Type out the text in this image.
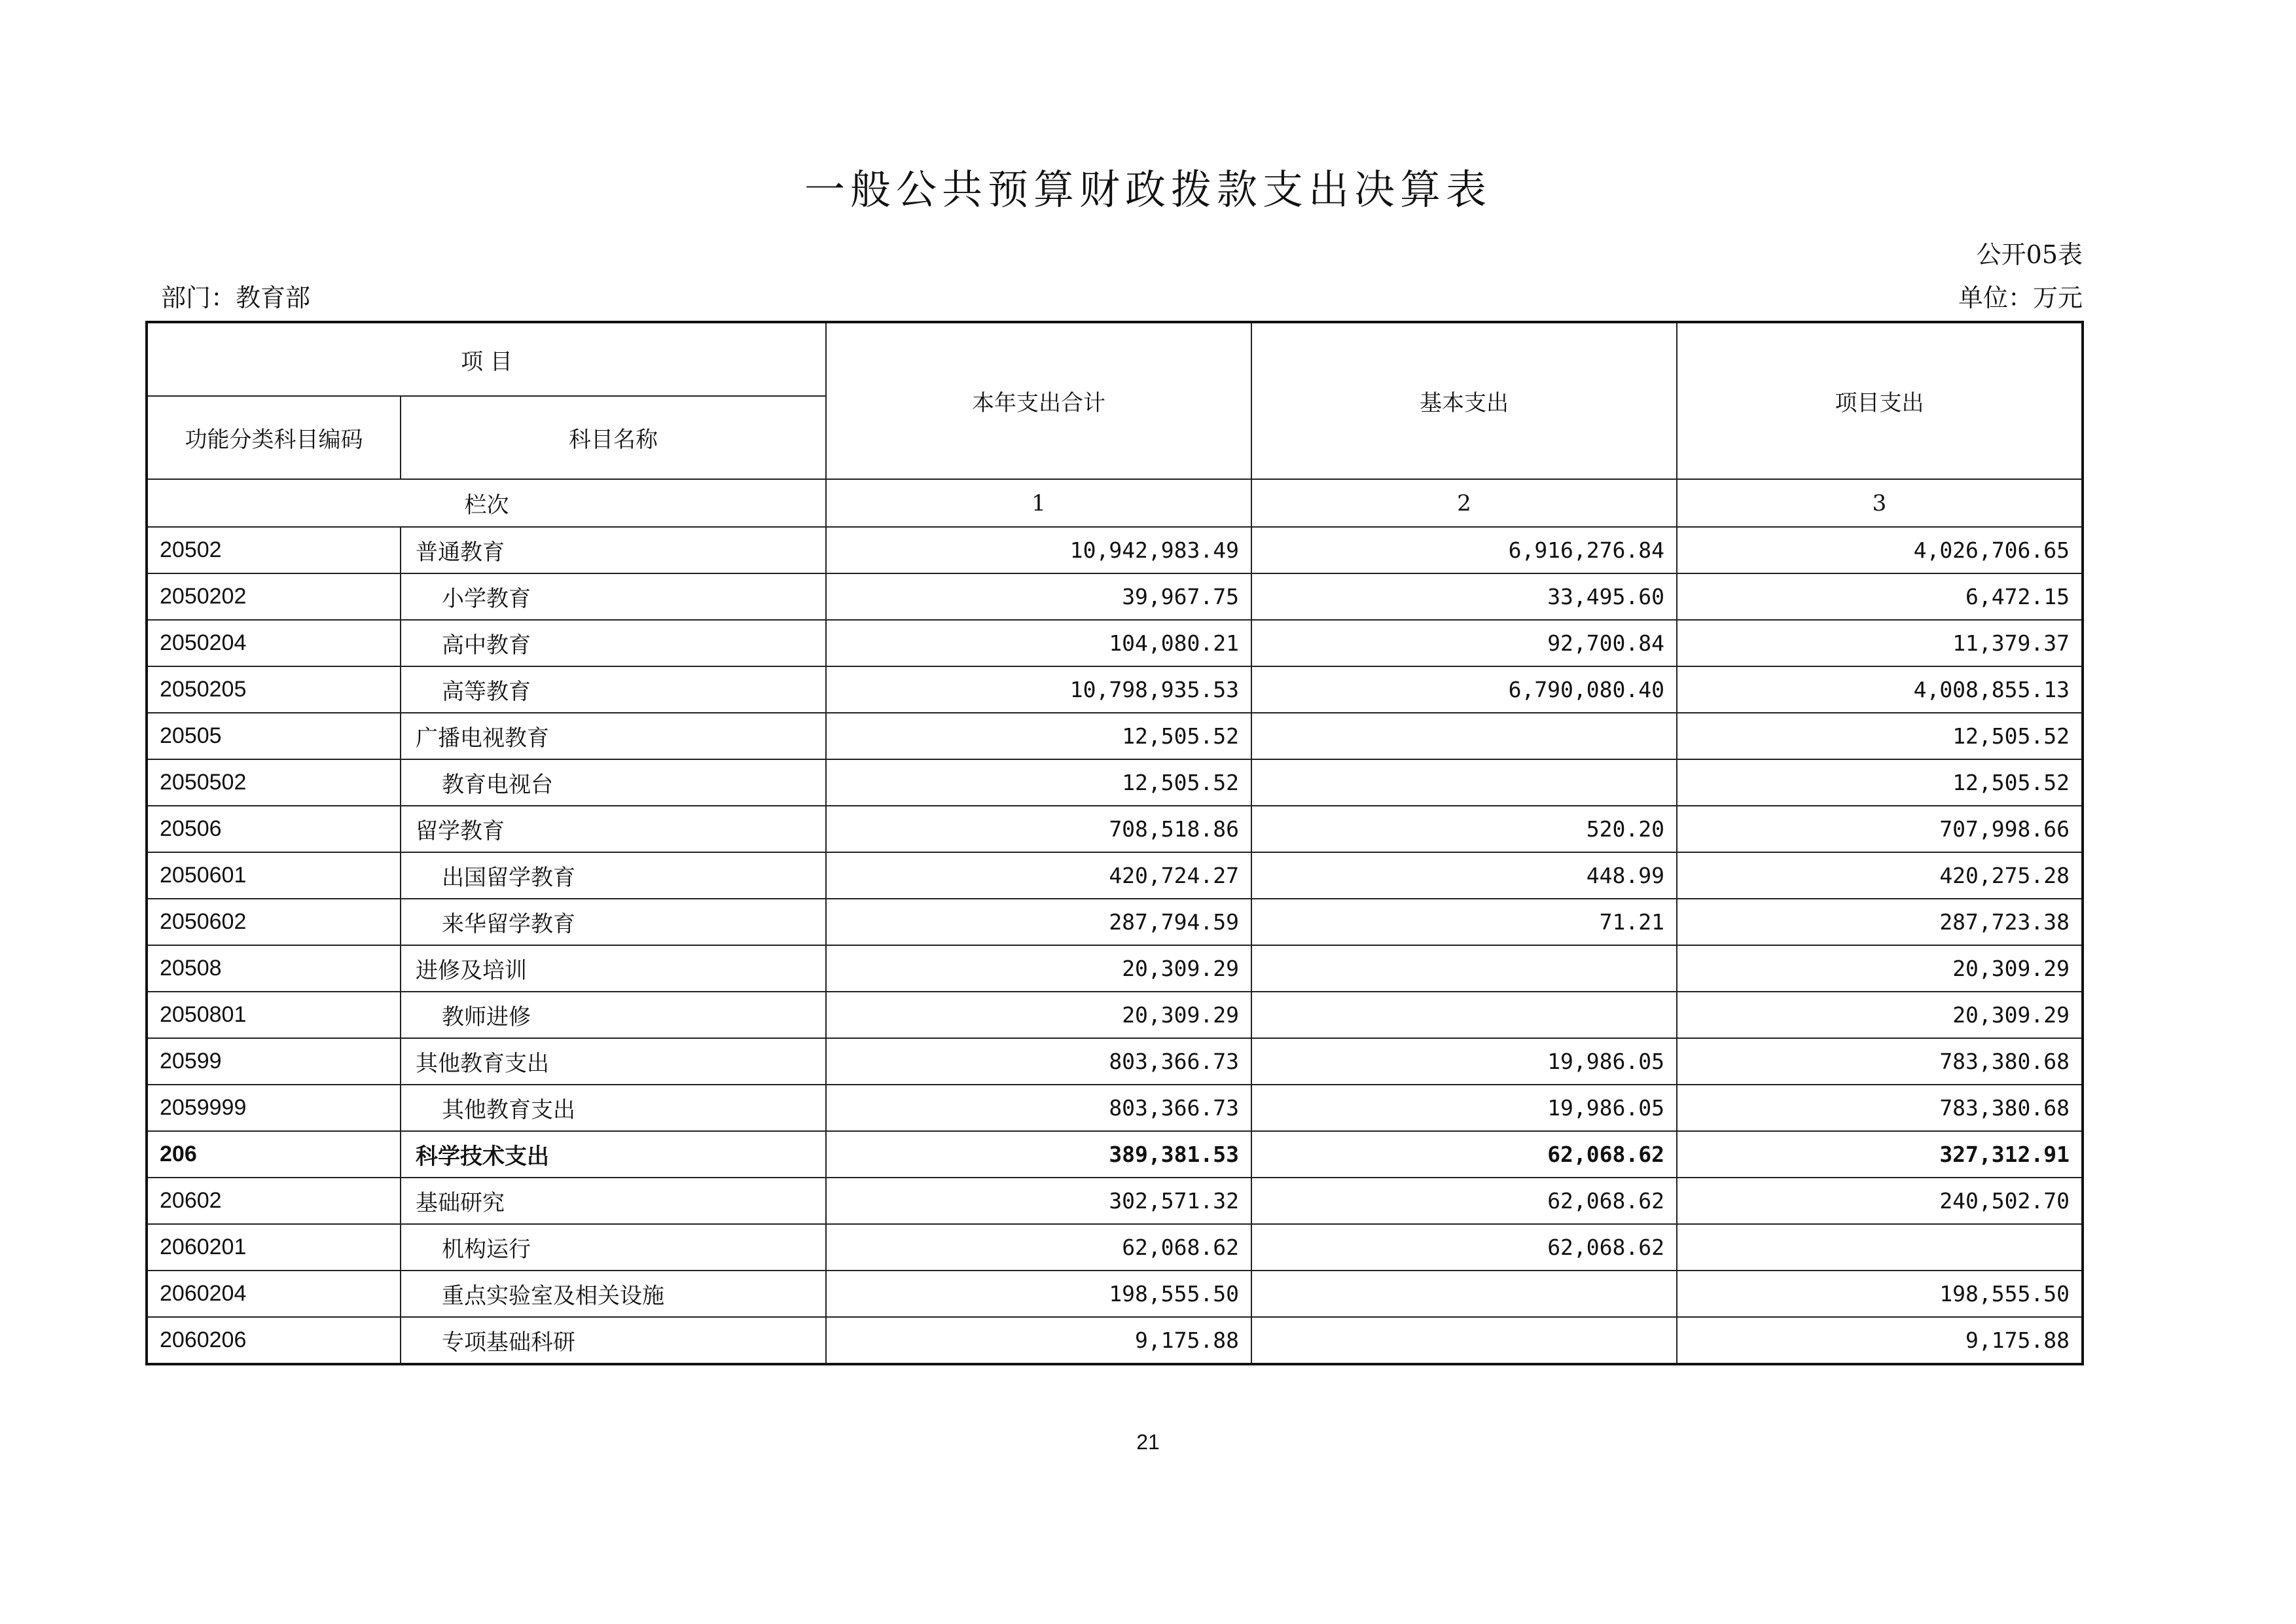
一般公共预算财政拨款支出决算表
公开05表
部门：教育部	单位：万元
项 目		本年支出合计	基本支出	项目支出
功能分类科目编码	科目名称			
栏次		1	2	3
20502	普通教育	10,942,983.49	6,916,276.84	4,026,706.65
2050202	小学教育	39,967.75	33,495.60	6,472.15
2050204	高中教育	104,080.21	92,700.84	11,379.37
2050205	高等教育	10,798,935.53	6,790,080.40	4,008,855.13
20505	广播电视教育	12,505.52		12,505.52
2050502	教育电视台	12,505.52		12,505.52
20506	留学教育	708,518.86	520.20	707,998.66
2050601	出国留学教育	420,724.27	448.99	420,275.28
2050602	来华留学教育	287,794.59	71.21	287,723.38
20508	进修及培训	20,309.29		20,309.29
2050801	教师进修	20,309.29		20,309.29
20599	其他教育支出	803,366.73	19,986.05	783,380.68
2059999	其他教育支出	803,366.73	19,986.05	783,380.68
206	科学技术支出	389,381.53	62,068.62	327,312.91
20602	基础研究	302,571.32	62,068.62	240,502.70
2060201	机构运行	62,068.62	62,068.62	
2060204	重点实验室及相关设施	198,555.50		198,555.50
2060206	专项基础科研	9,175.88		9,175.88
21
